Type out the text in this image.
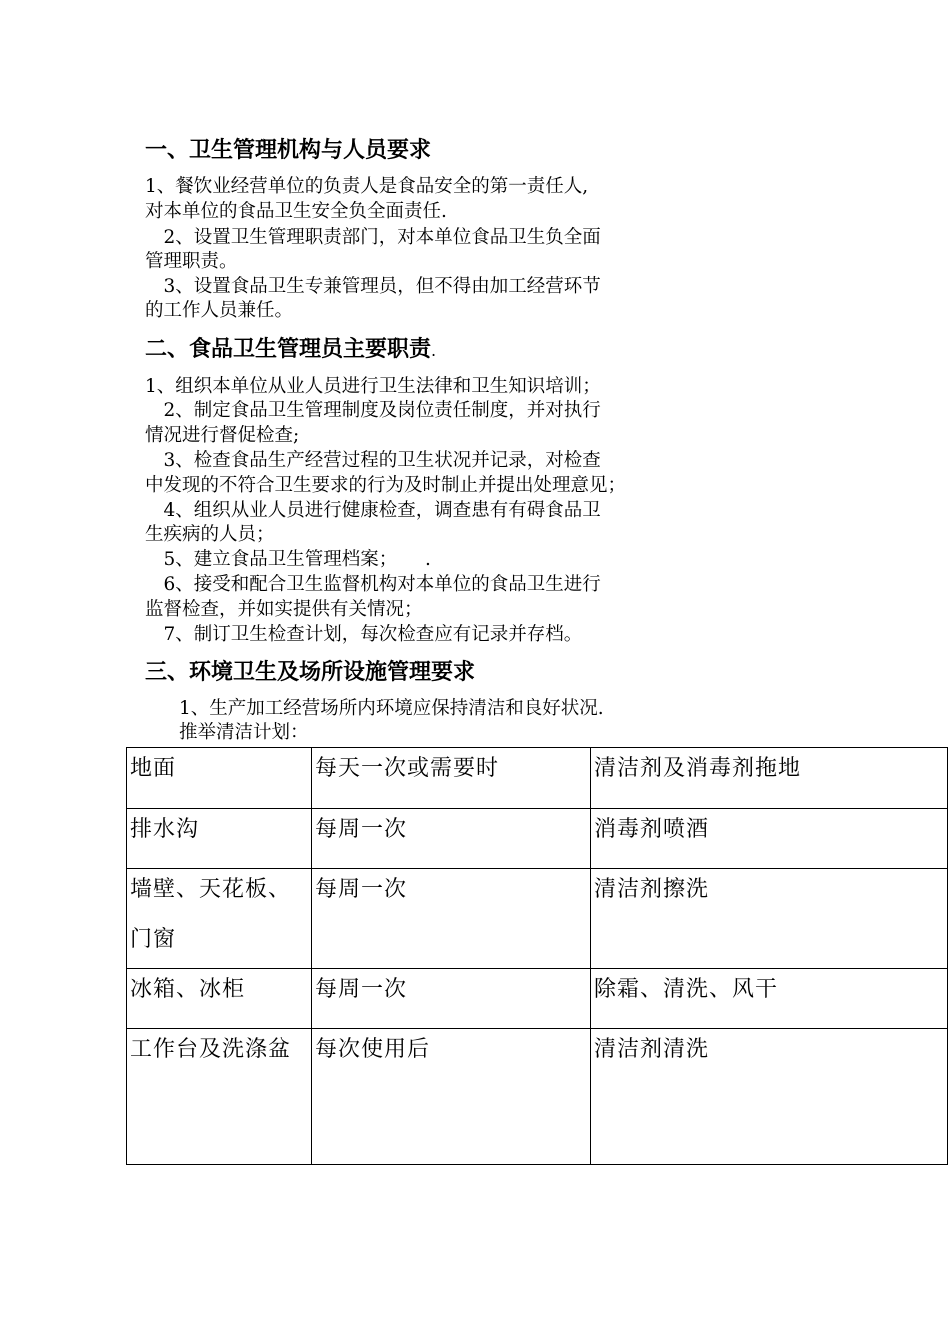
一、卫生管理机构与人员要求
1、餐饮业经营单位的负责人是食品安全的第一责任人,
对本单位的食品卫生安全负全面责任.
　2、设置卫生管理职责部门，对本单位食品卫生负全面
管理职责。
　3、设置食品卫生专兼管理员，但不得由加工经营环节
的工作人员兼任。
二、食品卫生管理员主要职责.
1、组织本单位从业人员进行卫生法律和卫生知识培训；
　2、制定食品卫生管理制度及岗位责任制度，并对执行
情况进行督促检查;
　3、检查食品生产经营过程的卫生状况并记录，对检查
中发现的不符合卫生要求的行为及时制止并提出处理意见；
　4、组织从业人员进行健康检查，调查患有有碍食品卫
生疾病的人员；
　5、建立食品卫生管理档案；　　.
　6、接受和配合卫生监督机构对本单位的食品卫生进行
监督检查，并如实提供有关情况；
　7、制订卫生检查计划，每次检查应有记录并存档。
三、环境卫生及场所设施管理要求
1、生产加工经营场所内环境应保持清洁和良好状况.
推举清洁计划：
地面	每天一次或需要时	清洁剂及消毒剂拖地

排水沟	每周一次	消毒剂喷酒

墙壁、天花板、门窗	每周一次	清洁剂擦洗

冰箱、冰柜	每周一次	除霜、清洗、风干

工作台及洗涤盆	每次使用后	清洁剂清洗
